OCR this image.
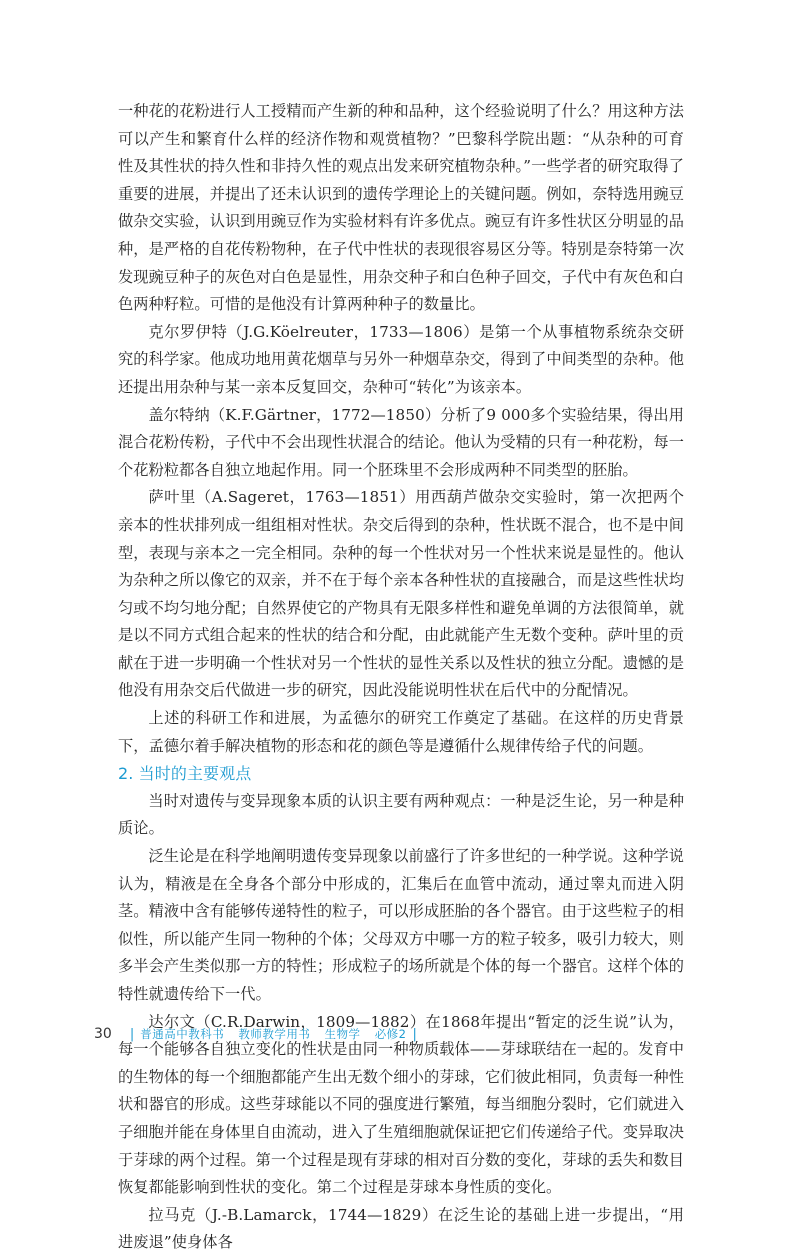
一种花的花粉进行人工授精而产生新的种和品种，这个经验说明了什么？用这种方法可以产生和繁育什么样的经济作物和观赏植物？”巴黎科学院出题：“从杂种的可育性及其性状的持久性和非持久性的观点出发来研究植物杂种。”一些学者的研究取得了重要的进展，并提出了还未认识到的遗传学理论上的关键问题。例如，奈特选用豌豆做杂交实验，认识到用豌豆作为实验材料有许多优点。豌豆有许多性状区分明显的品种，是严格的自花传粉物种，在子代中性状的表现很容易区分等。特别是奈特第一次发现豌豆种子的灰色对白色是显性，用杂交种子和白色种子回交，子代中有灰色和白色两种籽粒。可惜的是他没有计算两种种子的数量比。

克尔罗伊特（J.G.Köelreuter，1733—1806）是第一个从事植物系统杂交研究的科学家。他成功地用黄花烟草与另外一种烟草杂交，得到了中间类型的杂种。他还提出用杂种与某一亲本反复回交，杂种可“转化”为该亲本。

盖尔特纳（K.F.Gärtner，1772—1850）分析了9 000多个实验结果，得出用混合花粉传粉，子代中不会出现性状混合的结论。他认为受精的只有一种花粉，每一个花粉粒都各自独立地起作用。同一个胚珠里不会形成两种不同类型的胚胎。

萨叶里（A.Sageret，1763—1851）用西葫芦做杂交实验时，第一次把两个亲本的性状排列成一组组相对性状。杂交后得到的杂种，性状既不混合，也不是中间型，表现与亲本之一完全相同。杂种的每一个性状对另一个性状来说是显性的。他认为杂种之所以像它的双亲，并不在于每个亲本各种性状的直接融合，而是这些性状均匀或不均匀地分配；自然界使它的产物具有无限多样性和避免单调的方法很简单，就是以不同方式组合起来的性状的结合和分配，由此就能产生无数个变种。萨叶里的贡献在于进一步明确一个性状对另一个性状的显性关系以及性状的独立分配。遗憾的是他没有用杂交后代做进一步的研究，因此没能说明性状在后代中的分配情况。

上述的科研工作和进展，为孟德尔的研究工作奠定了基础。在这样的历史背景下，孟德尔着手解决植物的形态和花的颜色等是遵循什么规律传给子代的问题。

2. 当时的主要观点

当时对遗传与变异现象本质的认识主要有两种观点：一种是泛生论，另一种是种质论。

泛生论是在科学地阐明遗传变异现象以前盛行了许多世纪的一种学说。这种学说认为，精液是在全身各个部分中形成的，汇集后在血管中流动，通过睾丸而进入阴茎。精液中含有能够传递特性的粒子，可以形成胚胎的各个器官。由于这些粒子的相似性，所以能产生同一物种的个体；父母双方中哪一方的粒子较多，吸引力较大，则多半会产生类似那一方的特性；形成粒子的场所就是个体的每一个器官。这样个体的特性就遗传给下一代。

达尔文（C.R.Darwin，1809—1882）在1868年提出“暂定的泛生说”认为，每一个能够各自独立变化的性状是由同一种物质载体——芽球联结在一起的。发育中的生物体的每一个细胞都能产生出无数个细小的芽球，它们彼此相同，负责每一种性状和器官的形成。这些芽球能以不同的强度进行繁殖，每当细胞分裂时，它们就进入子细胞并能在身体里自由流动，进入了生殖细胞就保证把它们传递给子代。变异取决于芽球的两个过程。第一个过程是现有芽球的相对百分数的变化，芽球的丢失和数目恢复都能影响到性状的变化。第二个过程是芽球本身性质的变化。

拉马克（J.-B.Lamarck，1744—1829）在泛生论的基础上进一步提出，“用进废退”使身体各

30 | 普通高中教科书 教师教学用书 生物学 必修2 |
